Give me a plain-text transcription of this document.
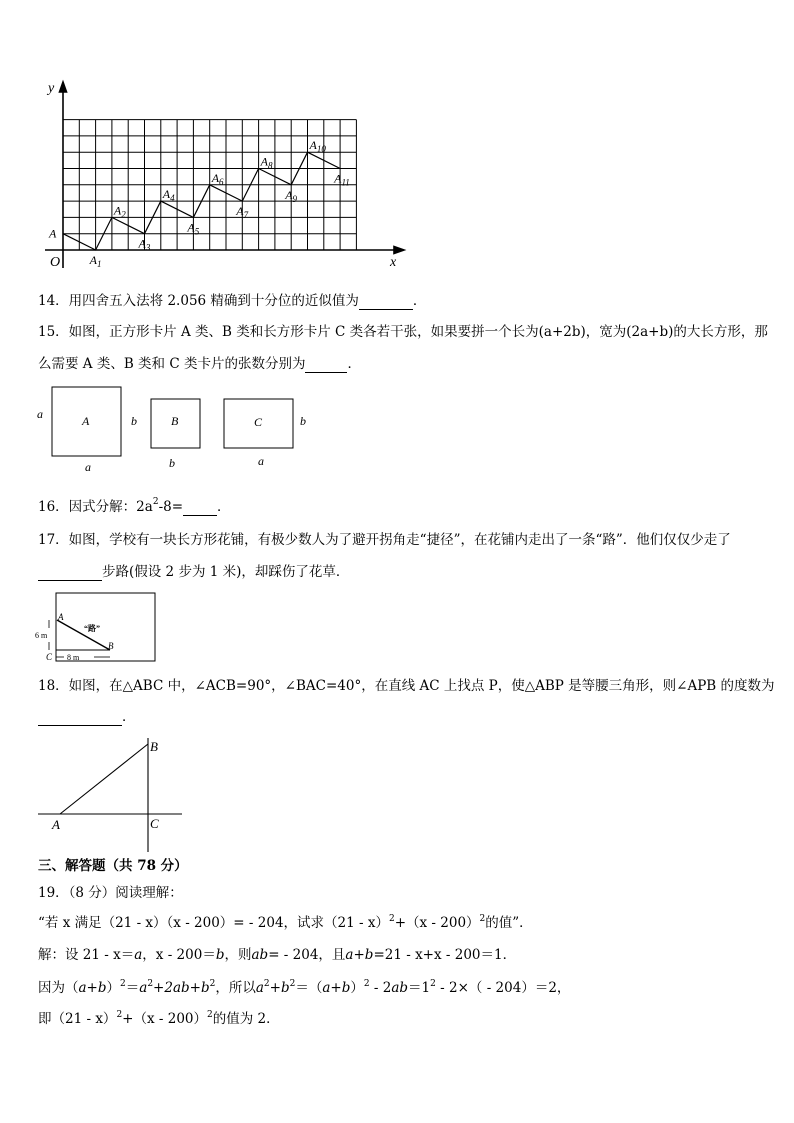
y
x
O
A
$A_1$
$A_2$
$A_3$
$A_4$
$A_5$
$A_6$
$A_7$
$A_8$
$A_9$
$A_{10}$
$A_{11}$
14．用四舍五入法将 2.056 精确到十分位的近似值为	．
15．如图，正方形卡片 A 类、B 类和长方形卡片 C 类各若干张，如果要拼一个长为(a+2b)，宽为(2a+b)的大长方形，那
么需要 A 类、B 类和 C 类卡片的张数分别为	．
a	A
a
b	B
b
C	b
a
16．因式分解：$2a^2-8=$	．
17．如图，学校有一块长方形花铺，有极少数人为了避开拐角走“捷径”，在花铺内走出了一条“路”．他们仅仅少走了
步路(假设 2 步为 1 米)，却踩伤了花草．
A
B
C
“路”
6 m
8 m
18．如图，在△ABC 中，∠ACB=90°，∠BAC=40°，在直线 AC 上找点 P，使△ABP 是等腰三角形，则∠APB 的度数为
．
A
B
C
三、解答题（共 78 分）
19．（8 分）阅读理解：
“若 x 满足（21 - x）（x - 200）= - 204，试求（21 - x）$^2$+（x - 200）$^2$的值”．
解：设 21 - x＝a，x - 200＝b，则ab= - 204，且a+b=21 - x+x - 200＝1．
因为$(a+b)^2=a^2+2ab+b^2$，所以$a^2+b^2=(a+b)^2 - 2ab=1^2 - 2\times( - 204)=2$，
即（21 - x）$^2$+（x - 200）$^2$的值为 2．
